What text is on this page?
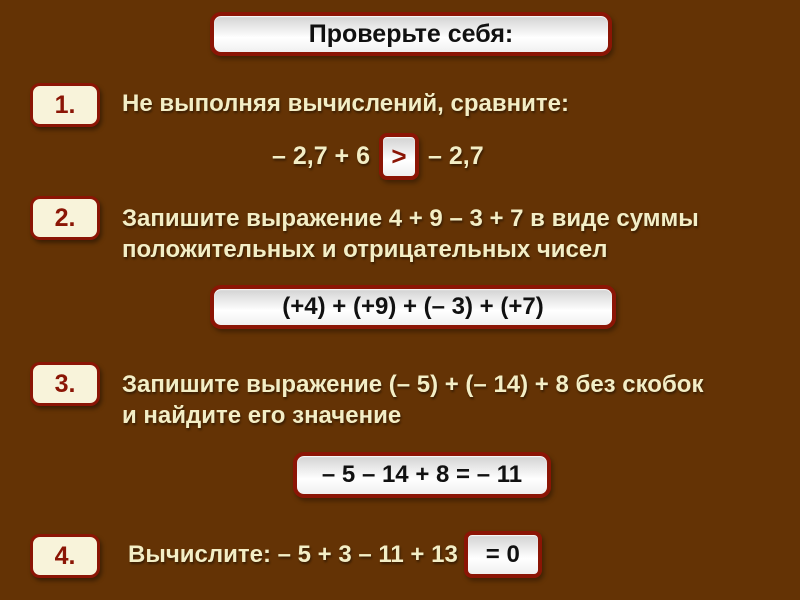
Проверьте себя:
1. Не выполняя вычислений, сравните:
– 2,7 + 6 > – 2,7
2. Запишите выражение 4 + 9 – 3 + 7 в виде суммы
положительных и отрицательных чисел
(+4) + (+9) + (– 3) + (+7)
3. Запишите выражение (– 5) + (– 14) + 8 без скобок
и найдите его значение
– 5 – 14 + 8 = – 11
4. Вычислите: – 5 + 3 – 11 + 13 = 0
